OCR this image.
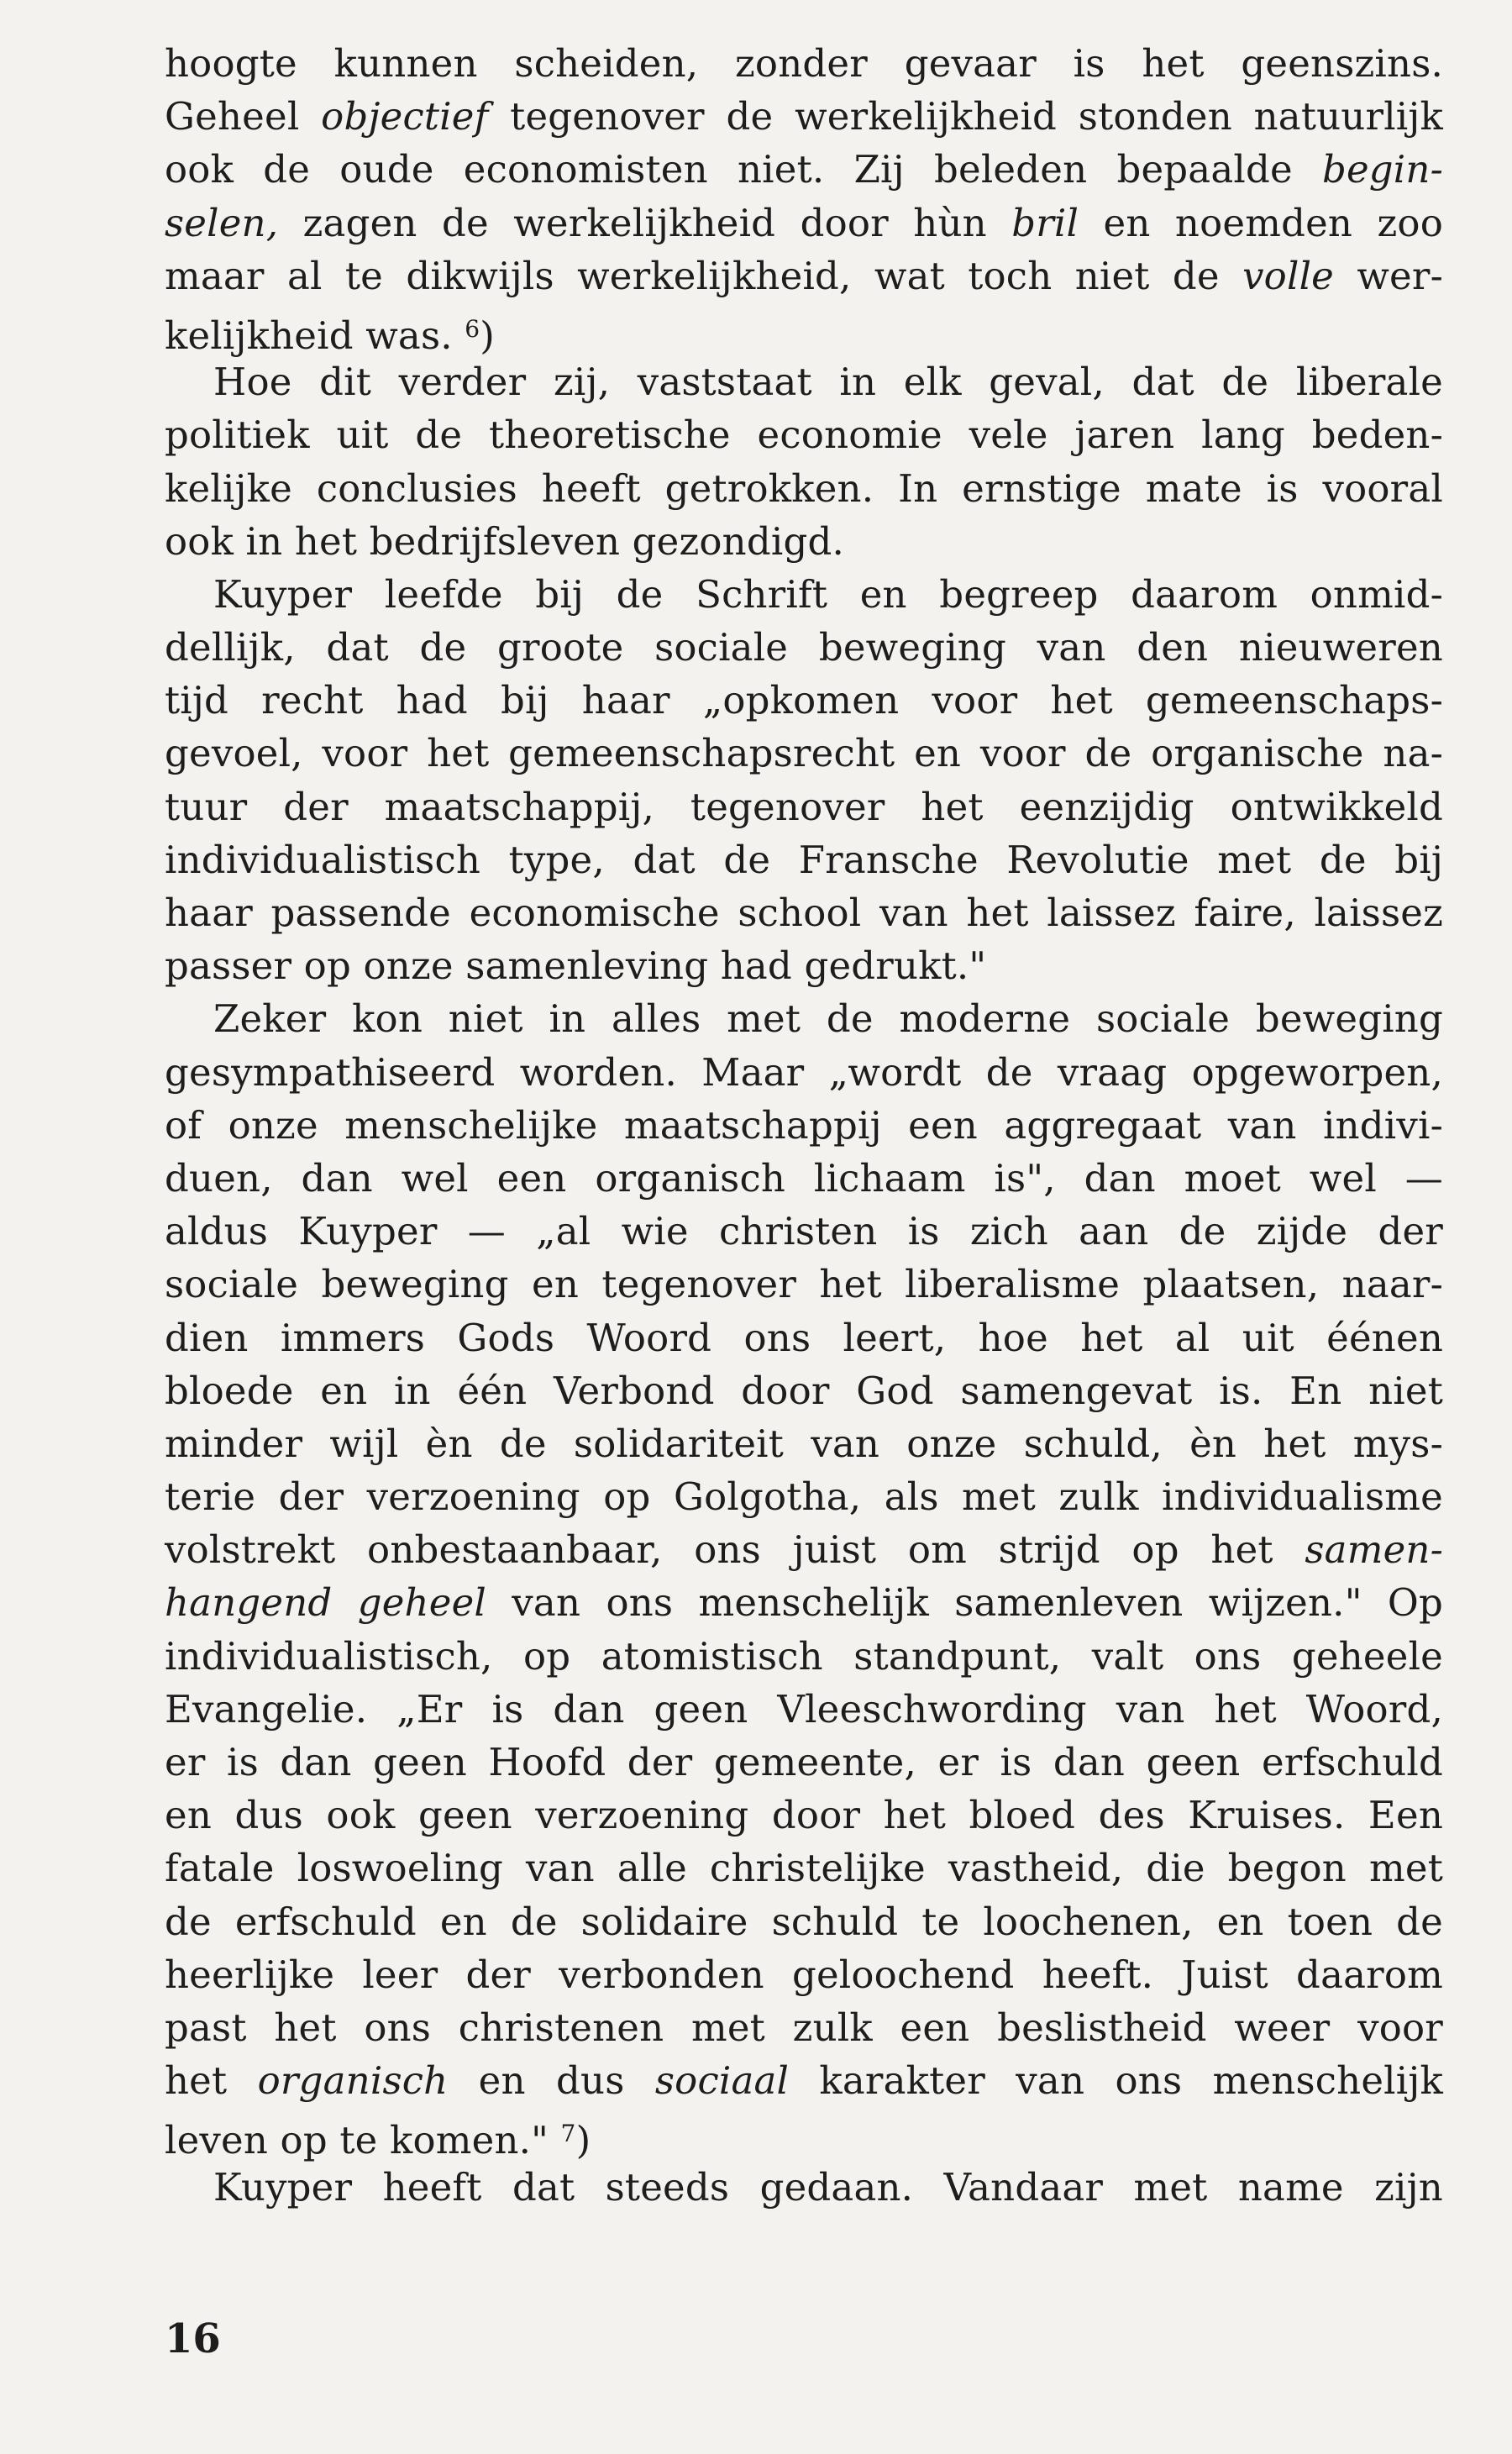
hoogte kunnen scheiden, zonder gevaar is het geenszins.
Geheel objectief tegenover de werkelijkheid stonden natuurlijk
ook de oude economisten niet. Zij beleden bepaalde begin-
selen, zagen de werkelijkheid door hùn bril en noemden zoo
maar al te dikwijls werkelijkheid, wat toch niet de volle wer-
kelijkheid was. $^6$)
Hoe dit verder zij, vaststaat in elk geval, dat de liberale
politiek uit de theoretische economie vele jaren lang beden-
kelijke conclusies heeft getrokken. In ernstige mate is vooral
ook in het bedrijfsleven gezondigd.
Kuyper leefde bij de Schrift en begreep daarom onmid-
dellijk, dat de groote sociale beweging van den nieuweren
tijd recht had bij haar „opkomen voor het gemeenschaps-
gevoel, voor het gemeenschapsrecht en voor de organische na-
tuur der maatschappij, tegenover het eenzijdig ontwikkeld
individualistisch type, dat de Fransche Revolutie met de bij
haar passende economische school van het laissez faire, laissez
passer op onze samenleving had gedrukt."
Zeker kon niet in alles met de moderne sociale beweging
gesympathiseerd worden. Maar „wordt de vraag opgeworpen,
of onze menschelijke maatschappij een aggregaat van indivi-
duen, dan wel een organisch lichaam is", dan moet wel —
aldus Kuyper — „al wie christen is zich aan de zijde der
sociale beweging en tegenover het liberalisme plaatsen, naar-
dien immers Gods Woord ons leert, hoe het al uit éénen
bloede en in één Verbond door God samengevat is. En niet
minder wijl èn de solidariteit van onze schuld, èn het mys-
terie der verzoening op Golgotha, als met zulk individualisme
volstrekt onbestaanbaar, ons juist om strijd op het samen-
hangend geheel van ons menschelijk samenleven wijzen." Op
individualistisch, op atomistisch standpunt, valt ons geheele
Evangelie. „Er is dan geen Vleeschwording van het Woord,
er is dan geen Hoofd der gemeente, er is dan geen erfschuld
en dus ook geen verzoening door het bloed des Kruises. Een
fatale loswoeling van alle christelijke vastheid, die begon met
de erfschuld en de solidaire schuld te loochenen, en toen de
heerlijke leer der verbonden geloochend heeft. Juist daarom
past het ons christenen met zulk een beslistheid weer voor
het organisch en dus sociaal karakter van ons menschelijk
leven op te komen." $^7$)
Kuyper heeft dat steeds gedaan. Vandaar met name zijn
16
